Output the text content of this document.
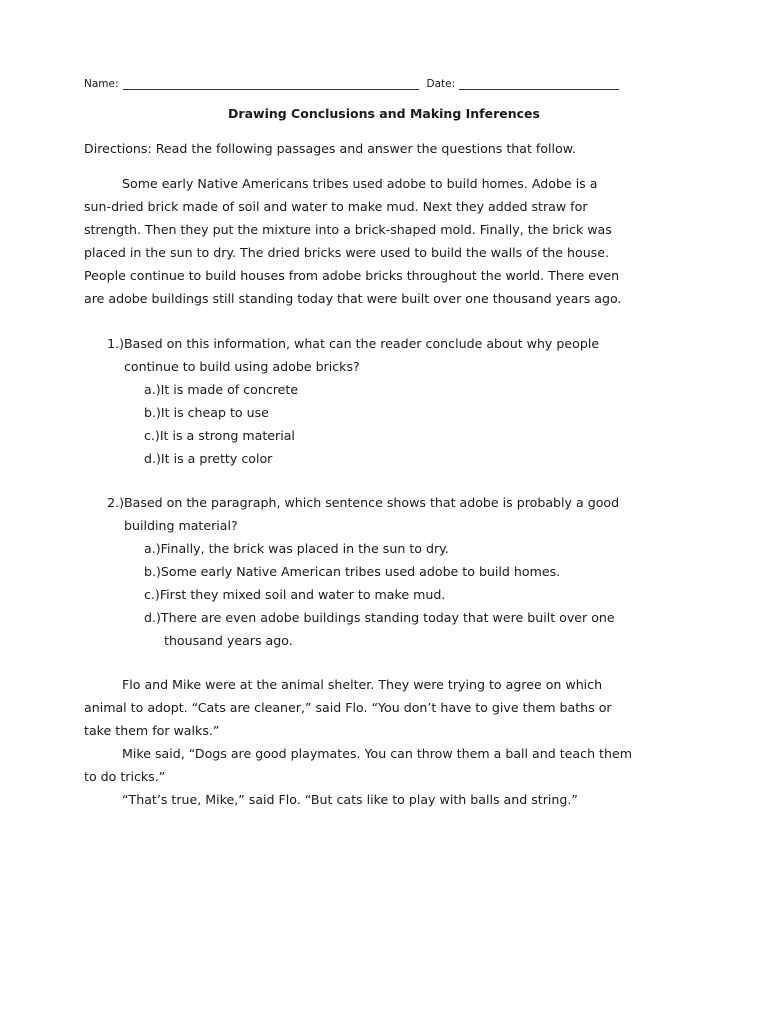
Name:	Date:
Drawing Conclusions and Making Inferences
Directions: Read the following passages and answer the questions that follow.
Some early Native Americans tribes used adobe to build homes. Adobe is a
sun-dried brick made of soil and water to make mud. Next they added straw for
strength. Then they put the mixture into a brick-shaped mold. Finally, the brick was
placed in the sun to dry. The dried bricks were used to build the walls of the house.
People continue to build houses from adobe bricks throughout the world. There even
are adobe buildings still standing today that were built over one thousand years ago.
1.)Based on this information, what can the reader conclude about why people
continue to build using adobe bricks?
a.)It is made of concrete
b.)It is cheap to use
c.)It is a strong material
d.)It is a pretty color
2.)Based on the paragraph, which sentence shows that adobe is probably a good
building material?
a.)Finally, the brick was placed in the sun to dry.
b.)Some early Native American tribes used adobe to build homes.
c.)First they mixed soil and water to make mud.
d.)There are even adobe buildings standing today that were built over one
thousand years ago.
Flo and Mike were at the animal shelter. They were trying to agree on which
animal to adopt. “Cats are cleaner,” said Flo. “You don’t have to give them baths or
take them for walks.”
Mike said, “Dogs are good playmates. You can throw them a ball and teach them
to do tricks.”
“That’s true, Mike,” said Flo. “But cats like to play with balls and string.”
